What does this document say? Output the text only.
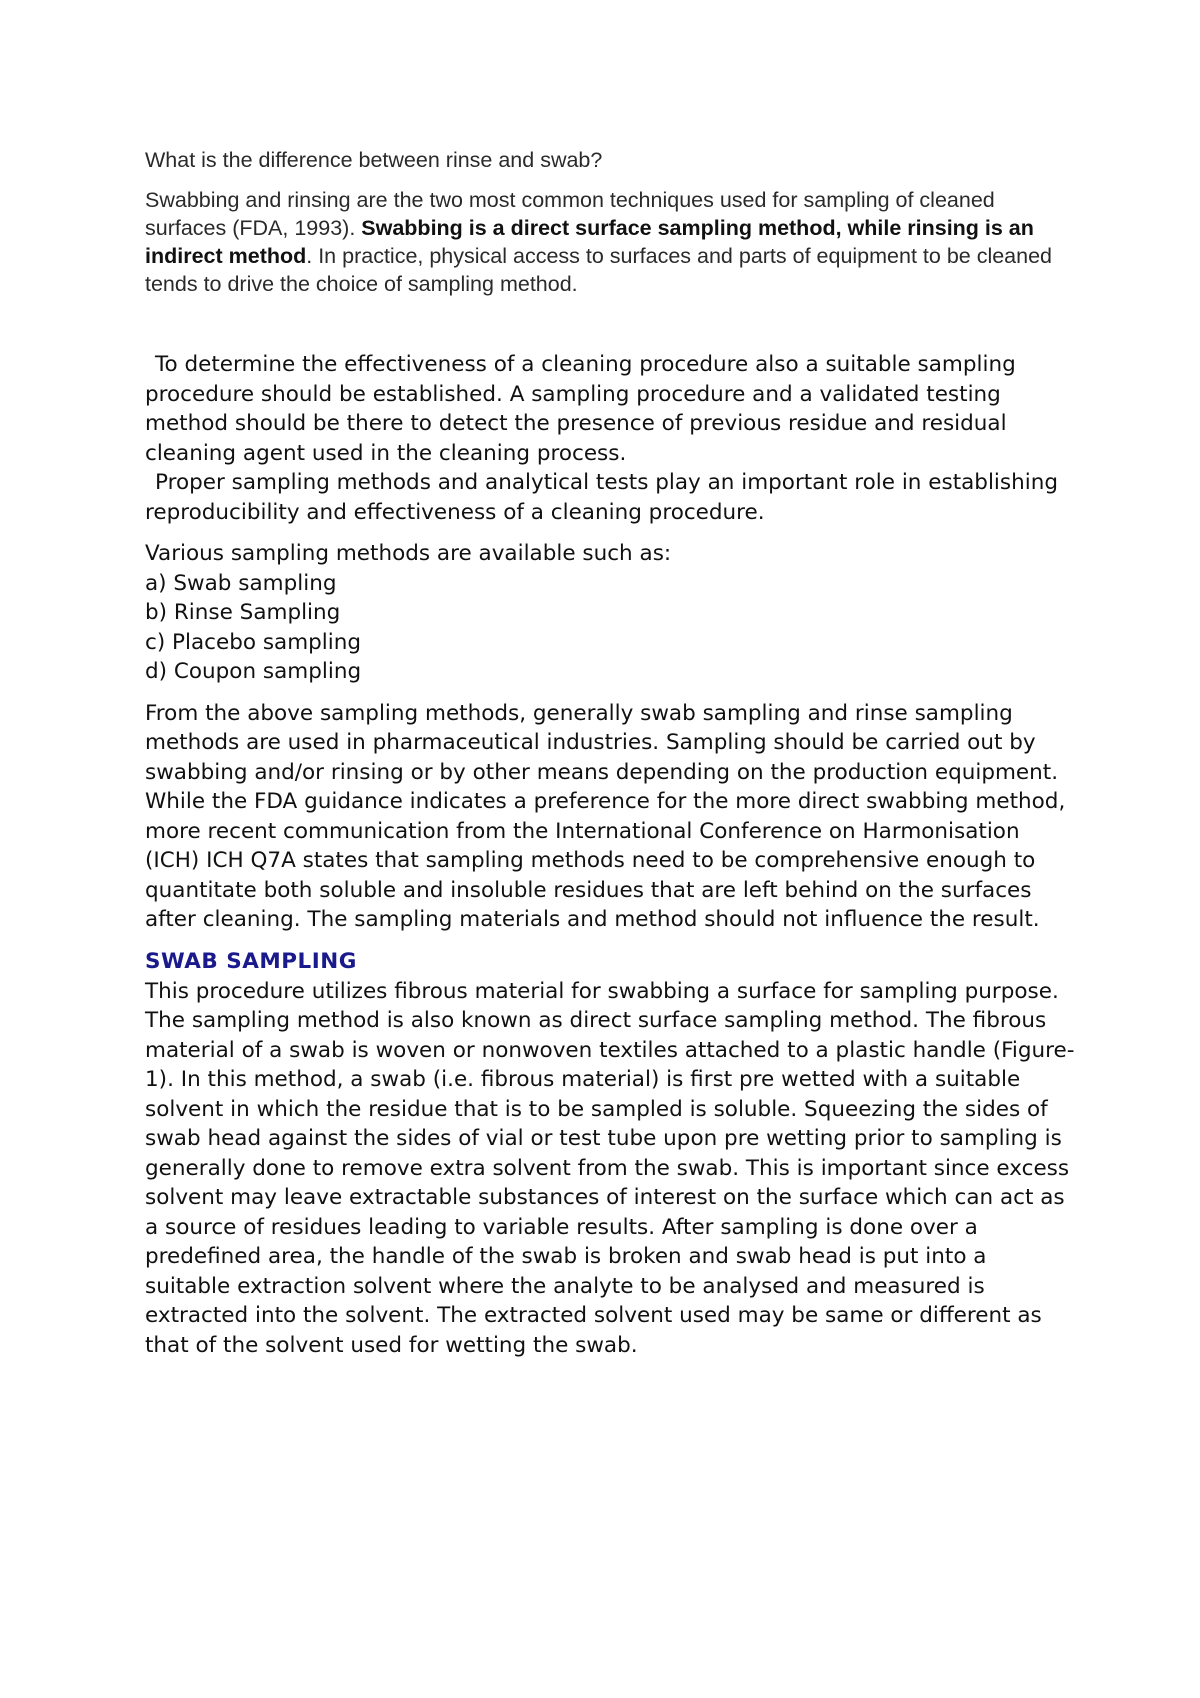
What is the difference between rinse and swab?

Swabbing and rinsing are the two most common techniques used for sampling of cleaned surfaces (FDA, 1993). Swabbing is a direct surface sampling method, while rinsing is an indirect method. In practice, physical access to surfaces and parts of equipment to be cleaned tends to drive the choice of sampling method.

To determine the effectiveness of a cleaning procedure also a suitable sampling procedure should be established. A sampling procedure and a validated testing method should be there to detect the presence of previous residue and residual cleaning agent used in the cleaning process.
Proper sampling methods and analytical tests play an important role in establishing reproducibility and effectiveness of a cleaning procedure.

Various sampling methods are available such as:
a) Swab sampling
b) Rinse Sampling
c) Placebo sampling
d) Coupon sampling

From the above sampling methods, generally swab sampling and rinse sampling methods are used in pharmaceutical industries. Sampling should be carried out by swabbing and/or rinsing or by other means depending on the production equipment. While the FDA guidance indicates a preference for the more direct swabbing method, more recent communication from the International Conference on Harmonisation (ICH) ICH Q7A states that sampling methods need to be comprehensive enough to quantitate both soluble and insoluble residues that are left behind on the surfaces after cleaning. The sampling materials and method should not influence the result.

SWAB SAMPLING

This procedure utilizes fibrous material for swabbing a surface for sampling purpose. The sampling method is also known as direct surface sampling method. The fibrous material of a swab is woven or nonwoven textiles attached to a plastic handle (Figure-1). In this method, a swab (i.e. fibrous material) is first pre wetted with a suitable solvent in which the residue that is to be sampled is soluble. Squeezing the sides of swab head against the sides of vial or test tube upon pre wetting prior to sampling is generally done to remove extra solvent from the swab. This is important since excess solvent may leave extractable substances of interest on the surface which can act as a source of residues leading to variable results. After sampling is done over a predefined area, the handle of the swab is broken and swab head is put into a suitable extraction solvent where the analyte to be analysed and measured is extracted into the solvent. The extracted solvent used may be same or different as that of the solvent used for wetting the swab.
